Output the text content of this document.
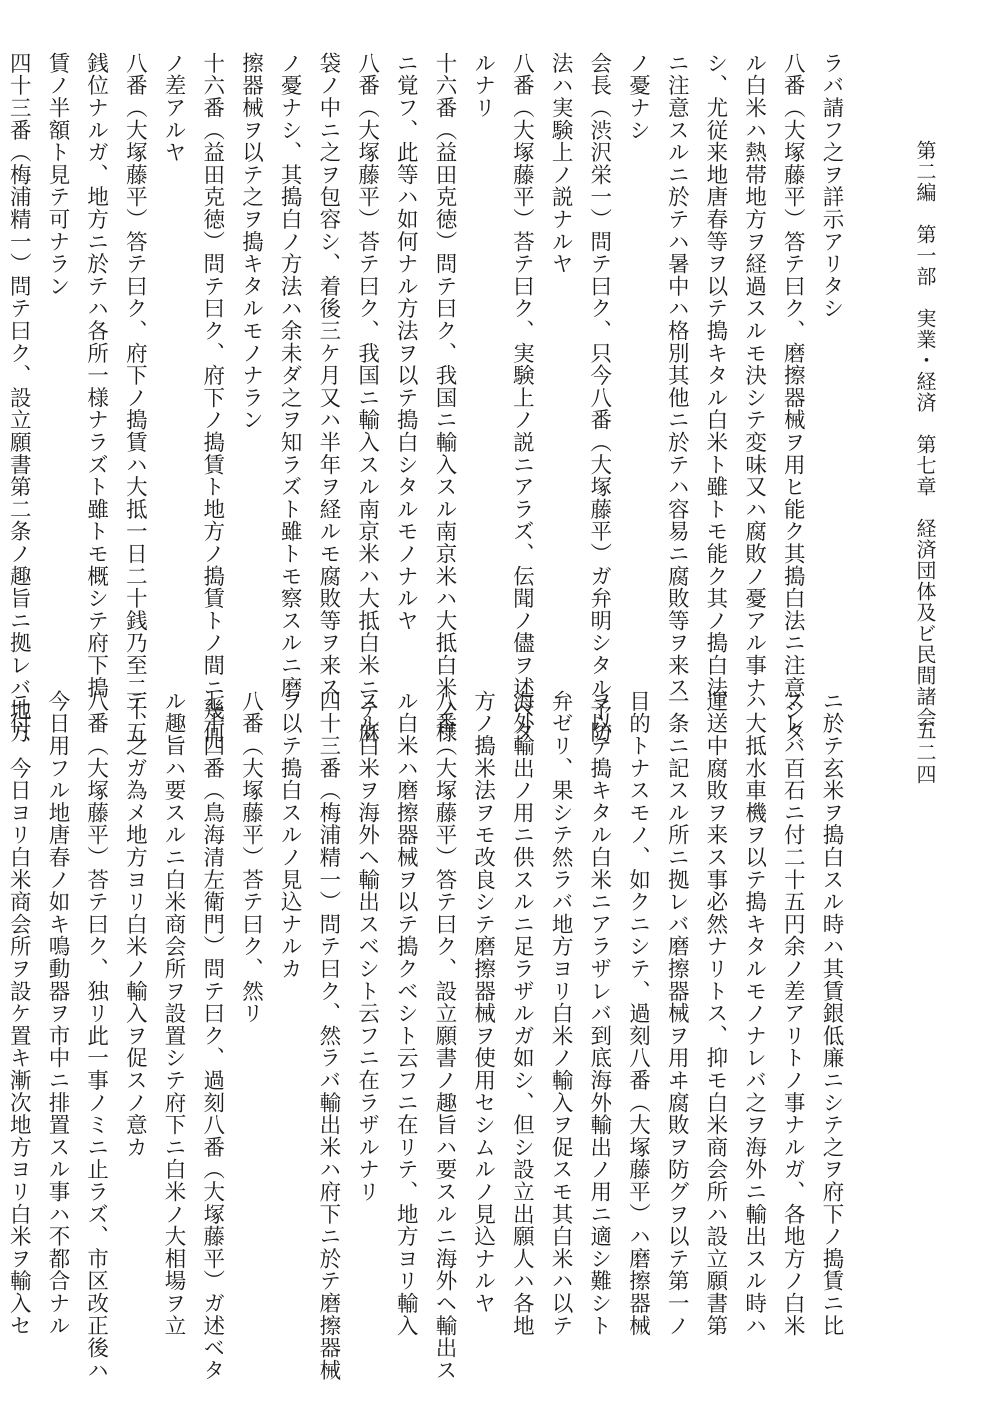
第二編　第一部　実業・経済　第七章　経済団体及ビ民間諸会
五二四
ラバ請フ之ヲ詳示アリタシ
八番（大塚藤平）答テ曰ク、磨擦器械ヲ用ヒ能ク其搗白法ニ注意シタ
ル白米ハ熱帯地方ヲ経過スルモ決シテ変味又ハ腐敗ノ憂アル事ナ
シ、尤従来地唐春等ヲ以テ搗キタル白米ト雖トモ能ク其ノ搗白法
ニ注意スルニ於テハ暑中ハ格別其他ニ於テハ容易ニ腐敗等ヲ来ス
ノ憂ナシ
会長（渋沢栄一）問テ曰ク、只今八番（大塚藤平）ガ弁明シタル予防
法ハ実験上ノ説ナルヤ
八番（大塚藤平）荅テ曰ク、実験上ノ説ニアラズ、伝聞ノ儘ヲ述ベタ
ルナリ
十六番（益田克徳）問テ曰ク、我国ニ輸入スル南京米ハ大抵白米ノ様
ニ覚フ、此等ハ如何ナル方法ヲ以テ搗白シタルモノナルヤ
八番（大塚藤平）荅テ曰ク、我国ニ輸入スル南京米ハ大抵白米ニテ麻
袋ノ中ニ之ヲ包容シ、着後三ケ月又ハ半年ヲ経ルモ腐敗等ヲ来ス
ノ憂ナシ、其搗白ノ方法ハ余未ダ之ヲ知ラズト雖トモ察スルニ磨
擦器械ヲ以テ之ヲ搗キタルモノナラン
十六番（益田克徳）問テ曰ク、府下ノ搗賃ト地方ノ搗賃トノ間ニ幾何
ノ差アルヤ
八番（大塚藤平）答テ曰ク、府下ノ搗賃ハ大抵一日二十銭乃至二十五
銭位ナルガ、地方ニ於テハ各所一様ナラズト雖トモ概シテ府下搗
賃ノ半額ト見テ可ナラン
四十三番（梅浦精一）問テ曰ク、設立願書第二条ノ趣旨ニ拠レバ地方
ニ於テ玄米ヲ搗白スル時ハ其賃銀低廉ニシテ之ヲ府下ノ搗賃ニ比
スレバ百石ニ付二十五円余ノ差アリトノ事ナルガ、各地方ノ白米
ハ大抵水車機ヲ以テ搗キタルモノナレバ之ヲ海外ニ輸出スル時ハ
運送中腐敗ヲ来ス事必然ナリトス、抑モ白米商会所ハ設立願書第
一条ニ記スル所ニ拠レバ磨擦器械ヲ用ヰ腐敗ヲ防グヲ以テ第一ノ
目的トナスモノ、如クニシテ、過刻八番（大塚藤平）ハ磨擦器械
ヲ以テ搗キタル白米ニアラザレバ到底海外輸出ノ用ニ適シ難シト
弁ゼリ、果シテ然ラバ地方ヨリ白米ノ輸入ヲ促スモ其白米ハ以テ
海外輸出ノ用ニ供スルニ足ラザルガ如シ、但シ設立出願人ハ各地
方ノ搗米法ヲモ改良シテ磨擦器械ヲ使用セシムルノ見込ナルヤ
八番（大塚藤平）答テ曰ク、設立願書ノ趣旨ハ要スルニ海外ヘ輸出ス
ル白米ハ磨擦器械ヲ以テ搗クベシト云フニ在リテ、地方ヨリ輸入
スル白米ヲ海外ヘ輸出スベシト云フニ在ラザルナリ
四十三番（梅浦精一）問テ曰ク、然ラバ輸出米ハ府下ニ於テ磨擦器械
ヲ以テ搗白スルノ見込ナルカ
八番（大塚藤平）荅テ曰ク、然リ
七十四番（鳥海清左衛門）問テ曰ク、過刻八番（大塚藤平）ガ述ベタ
ル趣旨ハ要スルニ白米商会所ヲ設置シテ府下ニ白米ノ大相場ヲ立
テ、之ガ為メ地方ヨリ白米ノ輸入ヲ促スノ意カ
八番（大塚藤平）荅テ曰ク、独リ此一事ノミニ止ラズ、市区改正後ハ
今日用フル地唐春ノ如キ鳴動器ヲ市中ニ排置スル事ハ不都合ナル
ニ付、今日ヨリ白米商会所ヲ設ケ置キ漸次地方ヨリ白米ヲ輸入セ
